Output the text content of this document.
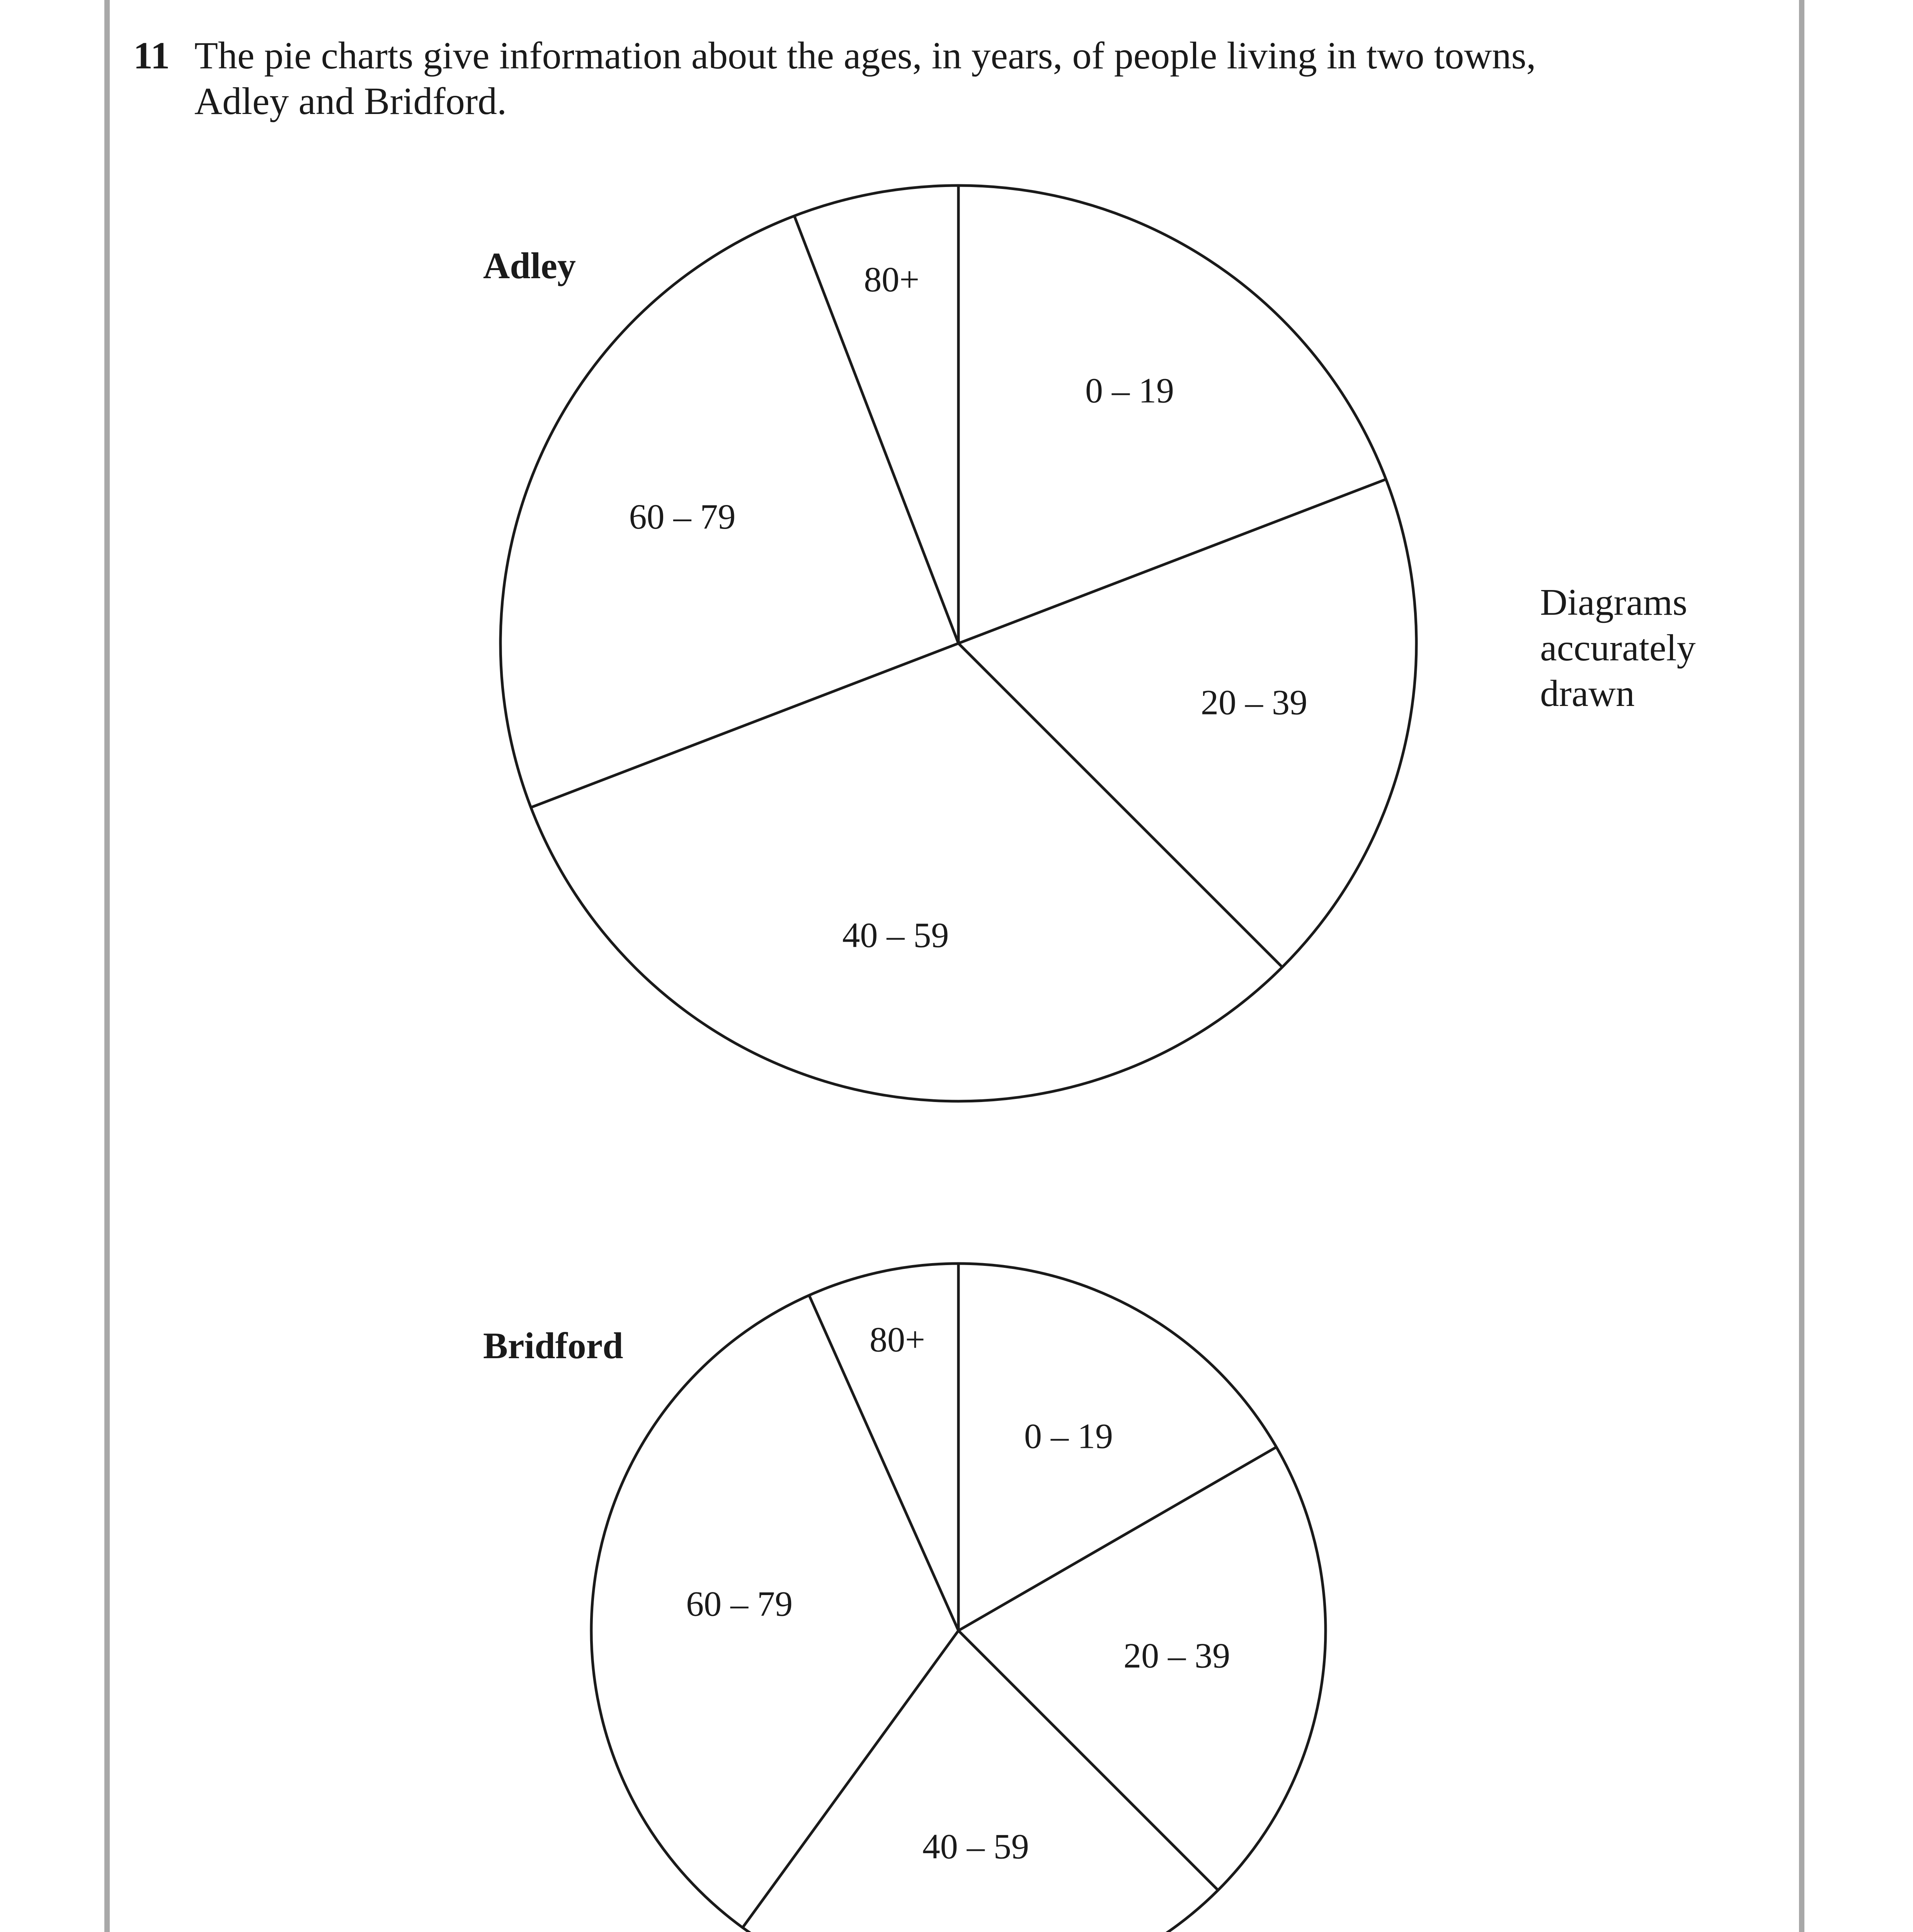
11 The pie charts give information about the ages, in years, of people living in two towns,
Adley and Bridford.
Adley
0 – 19
20 – 39
40 – 59
60 – 79
80+
Bridford
0 – 19
20 – 39
40 – 59
60 – 79
80+
Diagrams
accurately
drawn
